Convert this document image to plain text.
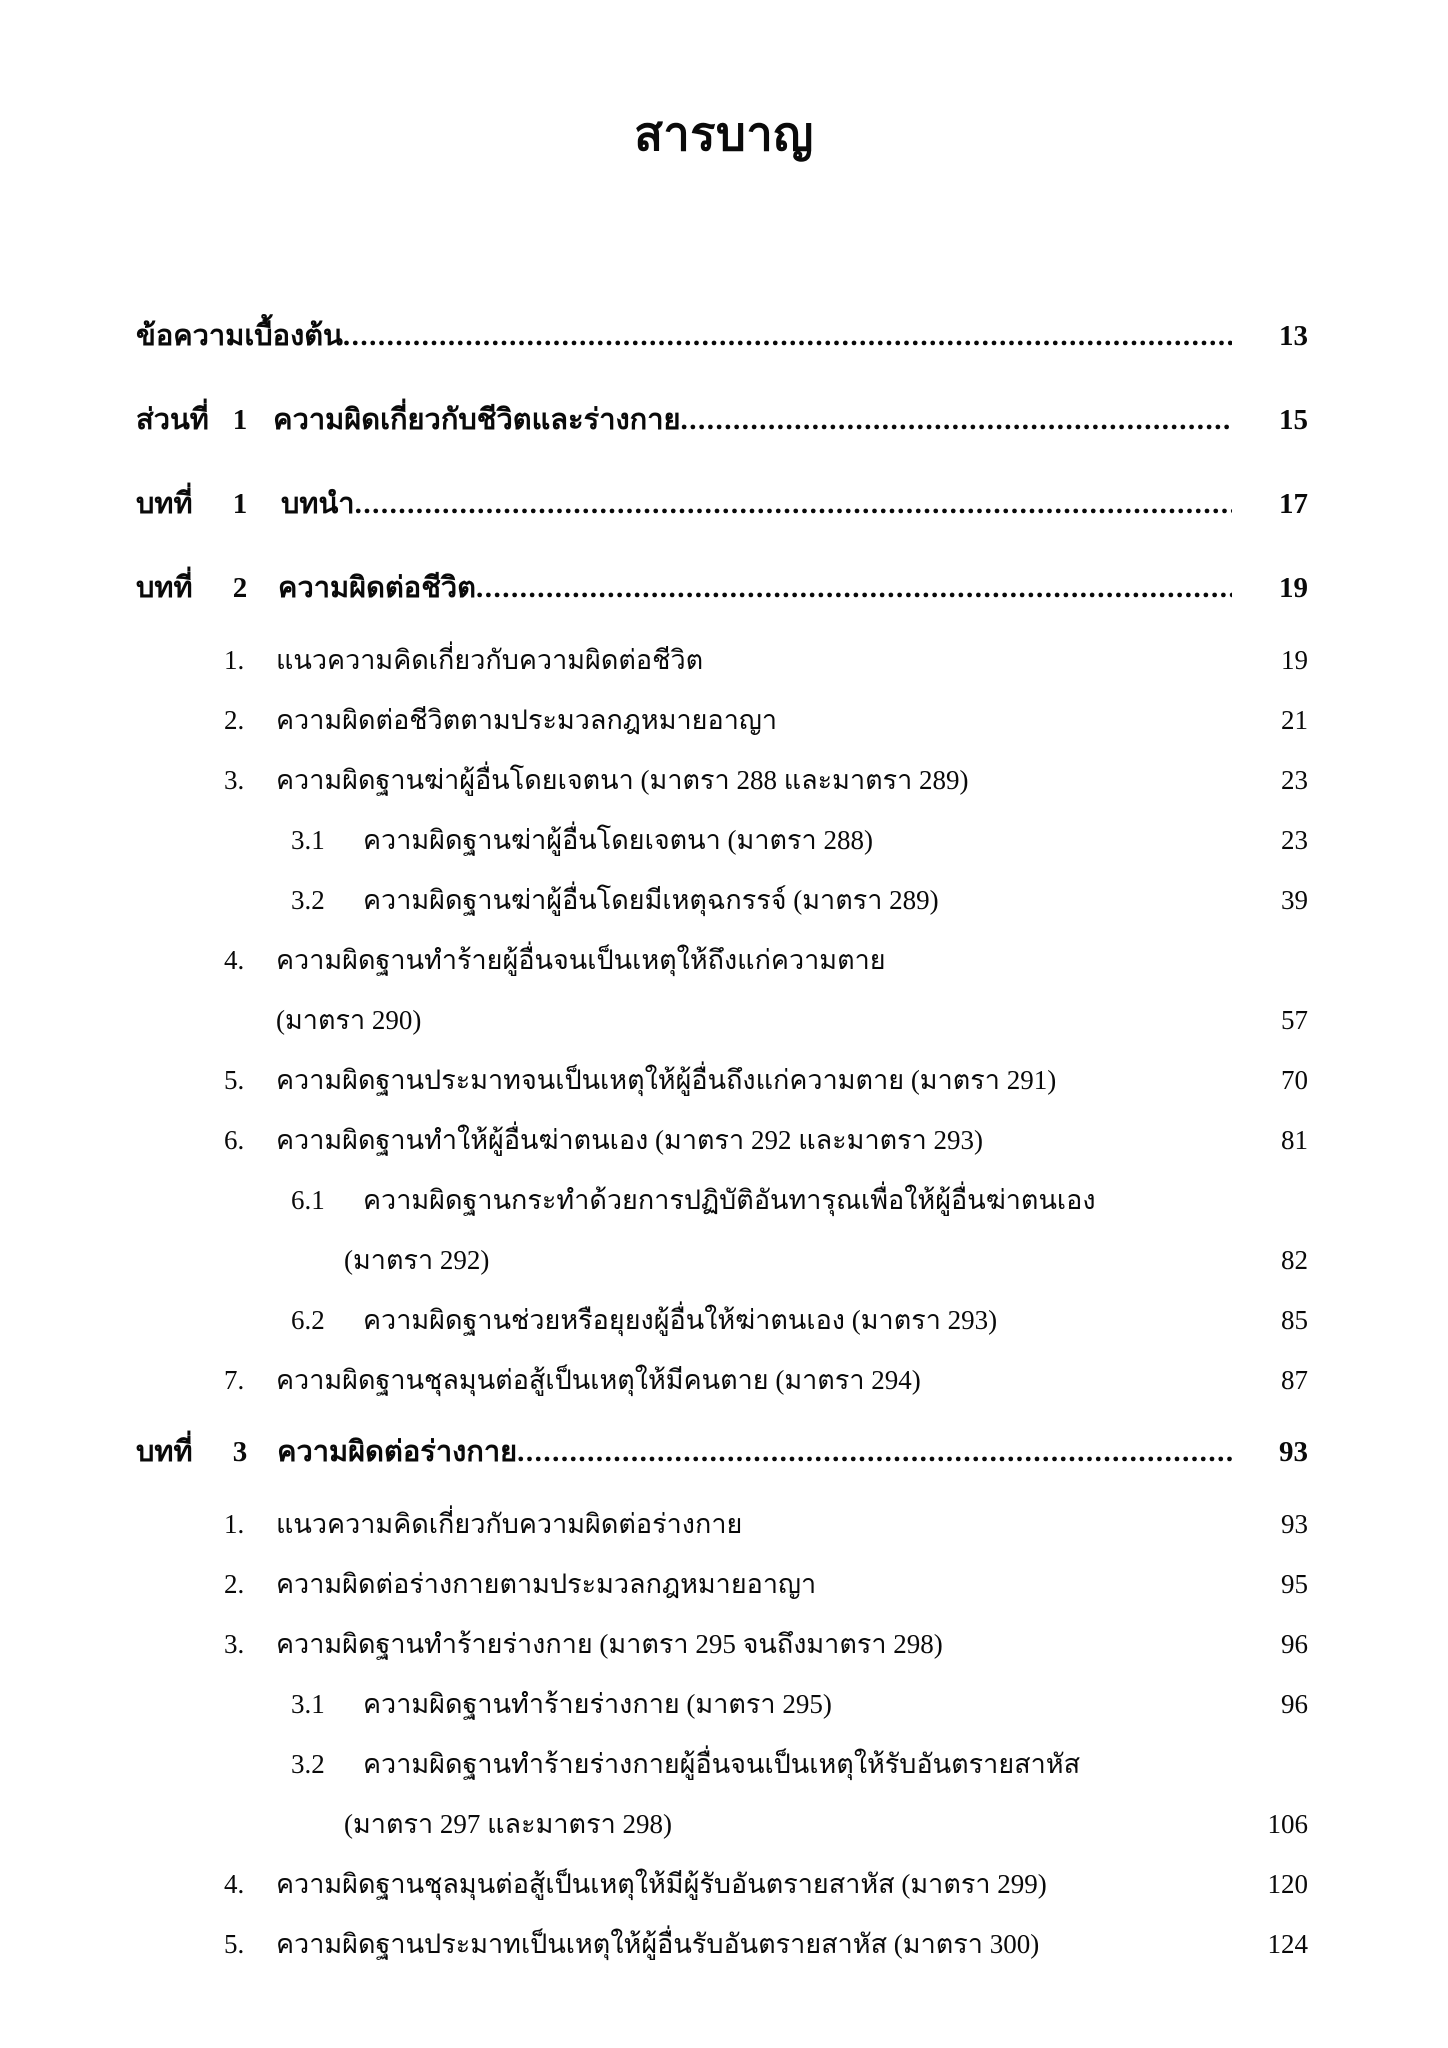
สารบาญ
ข้อความเบื้องต้น .....	13
ส่วนที่ 1 ความผิดเกี่ยวกับชีวิตและร่างกาย .....	15
บทที่ 1	บทนำ .....	17
บทที่ 2	ความผิดต่อชีวิต .....	19
1.	แนวความคิดเกี่ยวกับความผิดต่อชีวิต	19
2.	ความผิดต่อชีวิตตามประมวลกฎหมายอาญา	21
3.	ความผิดฐานฆ่าผู้อื่นโดยเจตนา (มาตรา 288 และมาตรา 289)	23
3.1	ความผิดฐานฆ่าผู้อื่นโดยเจตนา (มาตรา 288)	23
3.2	ความผิดฐานฆ่าผู้อื่นโดยมีเหตุฉกรรจ์ (มาตรา 289)	39
4.	ความผิดฐานทำร้ายผู้อื่นจนเป็นเหตุให้ถึงแก่ความตาย
(มาตรา 290)	57
5.	ความผิดฐานประมาทจนเป็นเหตุให้ผู้อื่นถึงแก่ความตาย (มาตรา 291)	70
6.	ความผิดฐานทำให้ผู้อื่นฆ่าตนเอง (มาตรา 292 และมาตรา 293)	81
6.1	ความผิดฐานกระทำด้วยการปฏิบัติอันทารุณเพื่อให้ผู้อื่นฆ่าตนเอง
(มาตรา 292)	82
6.2	ความผิดฐานช่วยหรือยุยงผู้อื่นให้ฆ่าตนเอง (มาตรา 293)	85
7.	ความผิดฐานชุลมุนต่อสู้เป็นเหตุให้มีคนตาย (มาตรา 294)	87
บทที่ 3	ความผิดต่อร่างกาย .....	93
1.	แนวความคิดเกี่ยวกับความผิดต่อร่างกาย	93
2.	ความผิดต่อร่างกายตามประมวลกฎหมายอาญา	95
3.	ความผิดฐานทำร้ายร่างกาย (มาตรา 295 จนถึงมาตรา 298)	96
3.1	ความผิดฐานทำร้ายร่างกาย (มาตรา 295)	96
3.2	ความผิดฐานทำร้ายร่างกายผู้อื่นจนเป็นเหตุให้รับอันตรายสาหัส
(มาตรา 297 และมาตรา 298)	106
4.	ความผิดฐานชุลมุนต่อสู้เป็นเหตุให้มีผู้รับอันตรายสาหัส (มาตรา 299)	120
5.	ความผิดฐานประมาทเป็นเหตุให้ผู้อื่นรับอันตรายสาหัส (มาตรา 300)	124
